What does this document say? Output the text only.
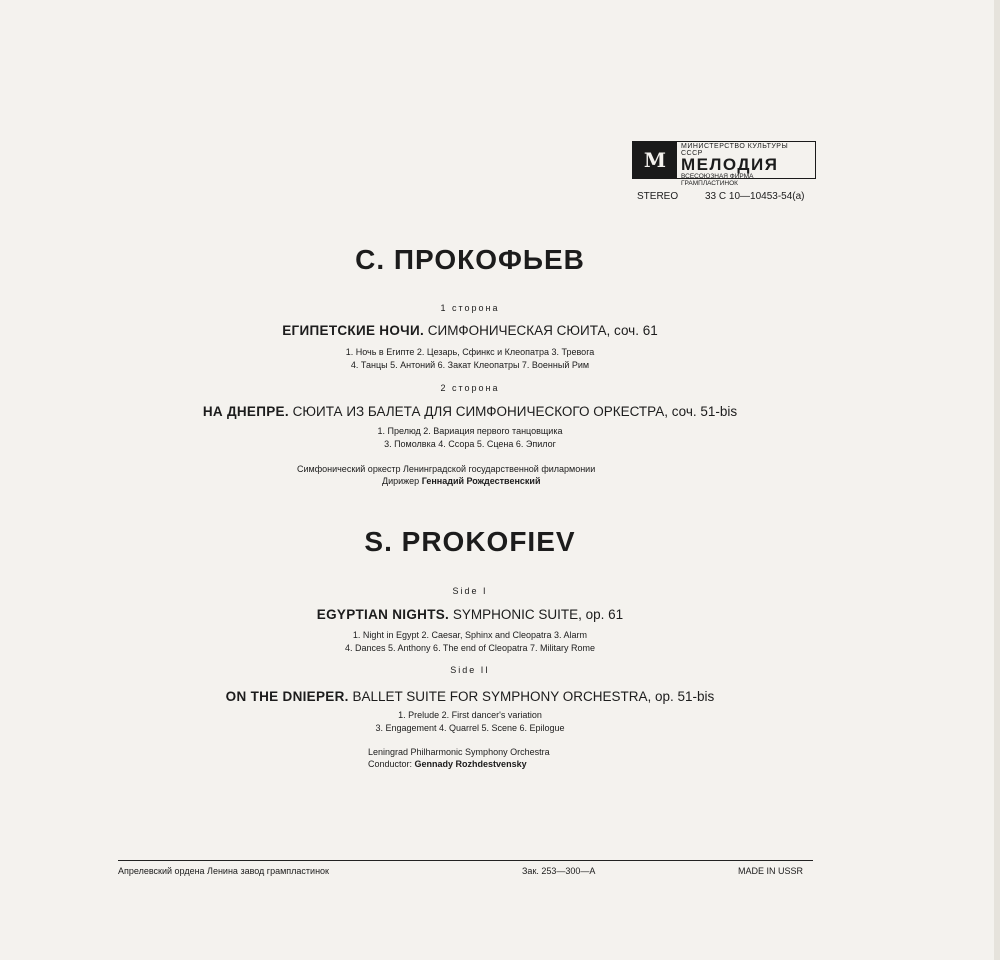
М
МИНИСТЕРСТВО КУЛЬТУРЫ СССР
МЕЛОДИЯ
ВСЕСОЮЗНАЯ ФИРМА ГРАМПЛАСТИНОК
STEREO	33 С 10—10453-54(а)
С. ПРОКОФЬЕВ
1 сторона
ЕГИПЕТСКИЕ НОЧИ. СИМФОНИЧЕСКАЯ СЮИТА, соч. 61
1. Ночь в Египте 2. Цезарь, Сфинкс и Клеопатра 3. Тревога
4. Танцы 5. Антоний 6. Закат Клеопатры 7. Военный Рим
2 сторона
НА ДНЕПРЕ. СЮИТА ИЗ БАЛЕТА ДЛЯ СИМФОНИЧЕСКОГО ОРКЕСТРА, соч. 51-bis
1. Прелюд 2. Вариация первого танцовщика
3. Помолвка 4. Ссора 5. Сцена 6. Эпилог
Симфонический оркестр Ленинградской государственной филармонии
Дирижер Геннадий Рождественский
S. PROKOFIEV
Side I
EGYPTIAN NIGHTS. SYMPHONIC SUITE, op. 61
1. Night in Egypt 2. Caesar, Sphinx and Cleopatra 3. Alarm
4. Dances 5. Anthony 6. The end of Cleopatra 7. Military Rome
Side II
ON THE DNIEPER. BALLET SUITE FOR SYMPHONY ORCHESTRA, op. 51-bis
1. Prelude 2. First dancer's variation
3. Engagement 4. Quarrel 5. Scene 6. Epilogue
Leningrad Philharmonic Symphony Orchestra
Conductor: Gennady Rozhdestvensky
Апрелевский ордена Ленина завод грампластинок	Зак. 253—300—А	MADE IN USSR
